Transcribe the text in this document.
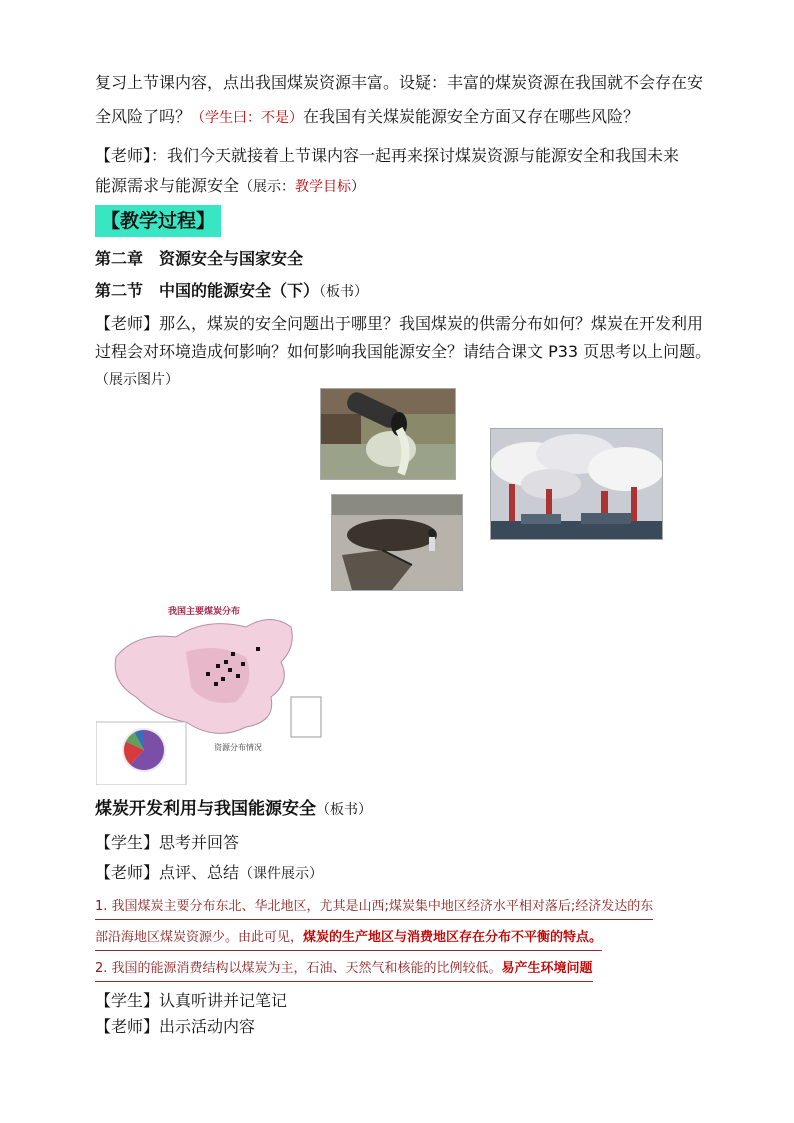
复习上节课内容，点出我国煤炭资源丰富。设疑：丰富的煤炭资源在我国就不会存在安
全风险了吗？（学生曰：不是）在我国有关煤炭能源安全方面又存在哪些风险？
【老师】：我们今天就接着上节课内容一起再来探讨煤炭资源与能源安全和我国未来
能源需求与能源安全（展示：教学目标）
【教学过程】
第二章　资源安全与国家安全
第二节　中国的能源安全（下）（板书）
【老师】那么，煤炭的安全问题出于哪里？我国煤炭的供需分布如何？煤炭在开发利用
过程会对环境造成何影响？如何影响我国能源安全？请结合课文 P33 页思考以上问题。
（展示图片）
我国主要煤炭分布
资源分布情况
煤炭开发利用与我国能源安全（板书）
【学生】思考并回答
【老师】点评、总结（课件展示）
1. 我国煤炭主要分布东北、华北地区，尤其是山西;煤炭集中地区经济水平相对落后;经济发达的东
部沿海地区煤炭资源少。由此可见，煤炭的生产地区与消费地区存在分布不平衡的特点。
2. 我国的能源消费结构以煤炭为主，石油、天然气和核能的比例较低。易产生环境问题
【学生】认真听讲并记笔记
【老师】出示活动内容
